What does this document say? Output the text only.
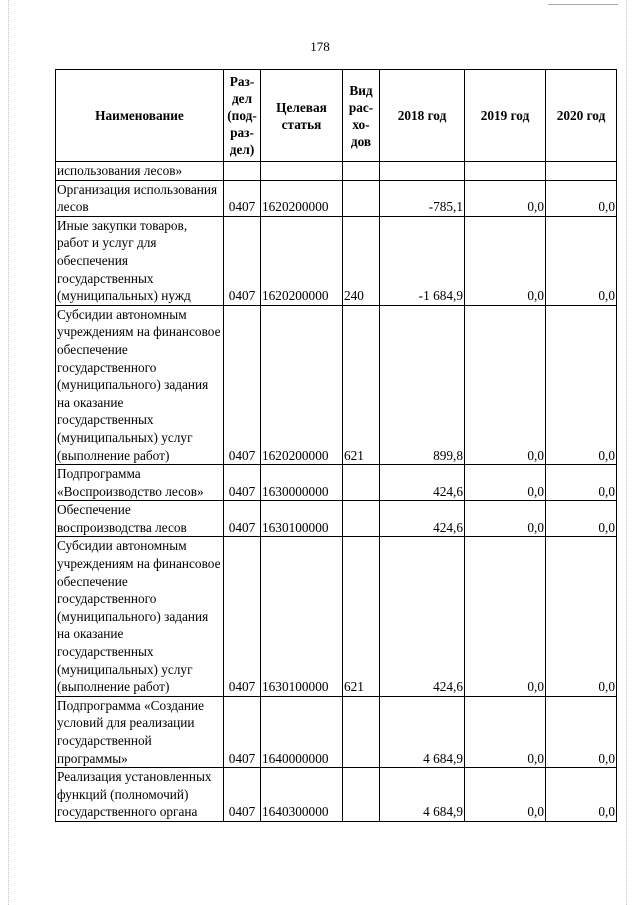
178
Наименование	Раз-дел (под-раз-дел)	Целевая статья	Вид рас-хо-дов	2018 год	2019 год	2020 год
использования лесов»						
Организация использования лесов	0407	1620200000		-785,1	0,0	0,0
Иные закупки товаров, работ и услуг для обеспечения государственных (муниципальных) нужд	0407	1620200000	240	-1 684,9	0,0	0,0
Субсидии автономным учреждениям на финансовое обеспечение государственного (муниципального) задания на оказание государственных (муниципальных) услуг (выполнение работ)	0407	1620200000	621	899,8	0,0	0,0
Подпрограмма «Воспроизводство лесов»	0407	1630000000		424,6	0,0	0,0
Обеспечение воспроизводства лесов	0407	1630100000		424,6	0,0	0,0
Субсидии автономным учреждениям на финансовое обеспечение государственного (муниципального) задания на оказание государственных (муниципальных) услуг (выполнение работ)	0407	1630100000	621	424,6	0,0	0,0
Подпрограмма «Создание условий для реализации государственной программы»	0407	1640000000		4 684,9	0,0	0,0
Реализация установленных функций (полномочий) государственного органа	0407	1640300000		4 684,9	0,0	0,0
